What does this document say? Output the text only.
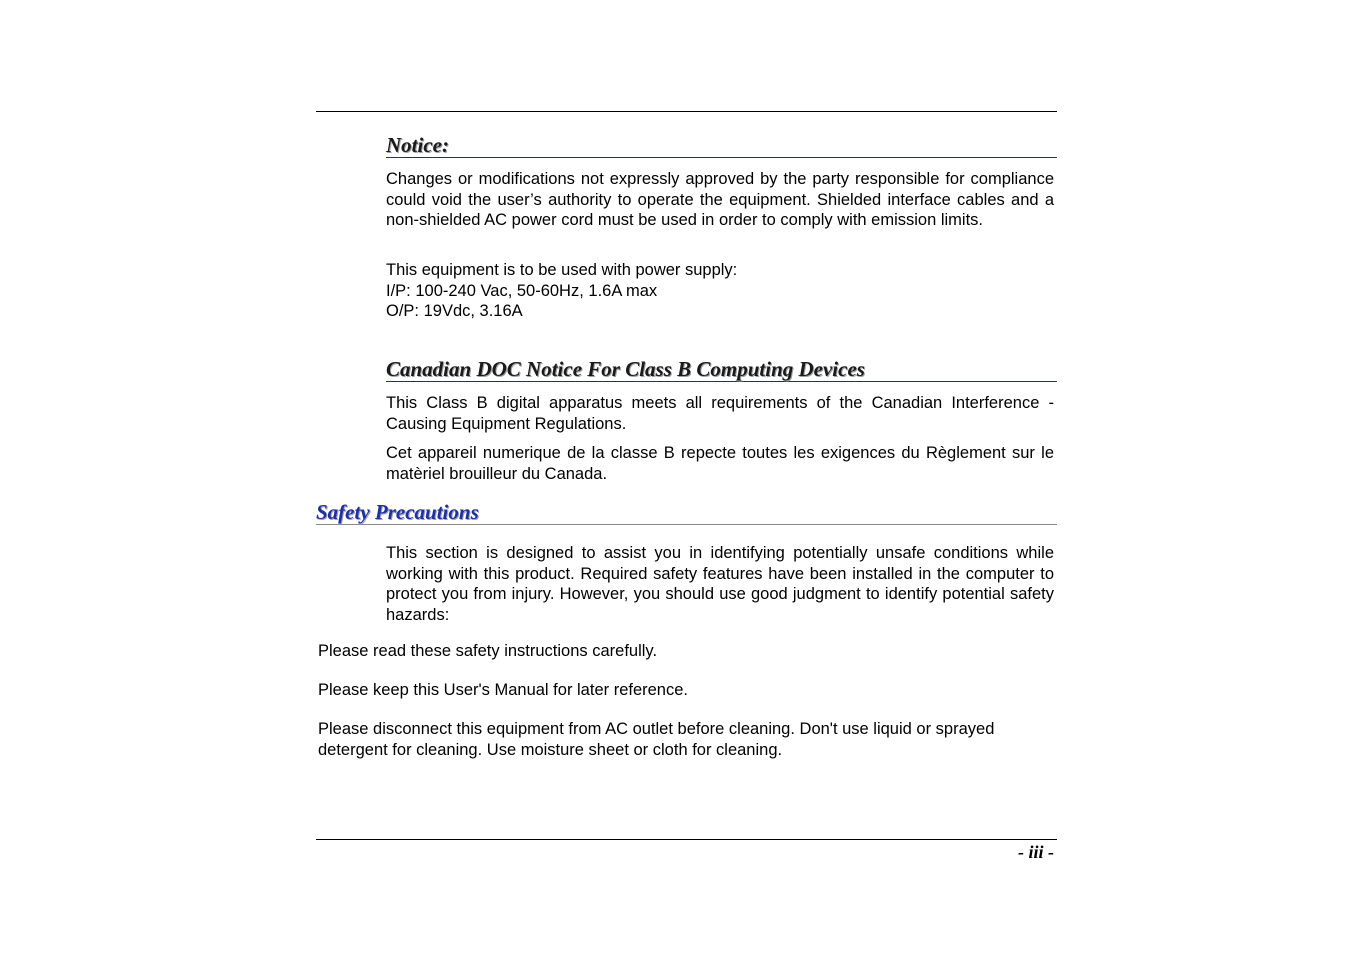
Notice:

Changes or modifications not expressly approved by the party responsible for compliance could void the user’s authority to operate the equipment. Shielded interface cables and a non-shielded AC power cord must be used in order to comply with emission limits.

This equipment is to be used with power supply:
I/P: 100-240 Vac, 50-60Hz, 1.6A max
O/P: 19Vdc, 3.16A

Canadian DOC Notice For Class B Computing Devices

This Class B digital apparatus meets all requirements of the Canadian Interference - Causing Equipment Regulations.

Cet appareil numerique de la classe B repecte toutes les exigences du Règlement sur le matèriel brouilleur du Canada.

Safety Precautions

This section is designed to assist you in identifying potentially unsafe conditions while working with this product. Required safety features have been installed in the computer to protect you from injury. However, you should use good judgment to identify potential safety hazards:

Please read these safety instructions carefully.

Please keep this User's Manual for later reference.

Please disconnect this equipment from AC outlet before cleaning. Don't use liquid or sprayed detergent for cleaning. Use moisture sheet or cloth for cleaning.

- iii -
